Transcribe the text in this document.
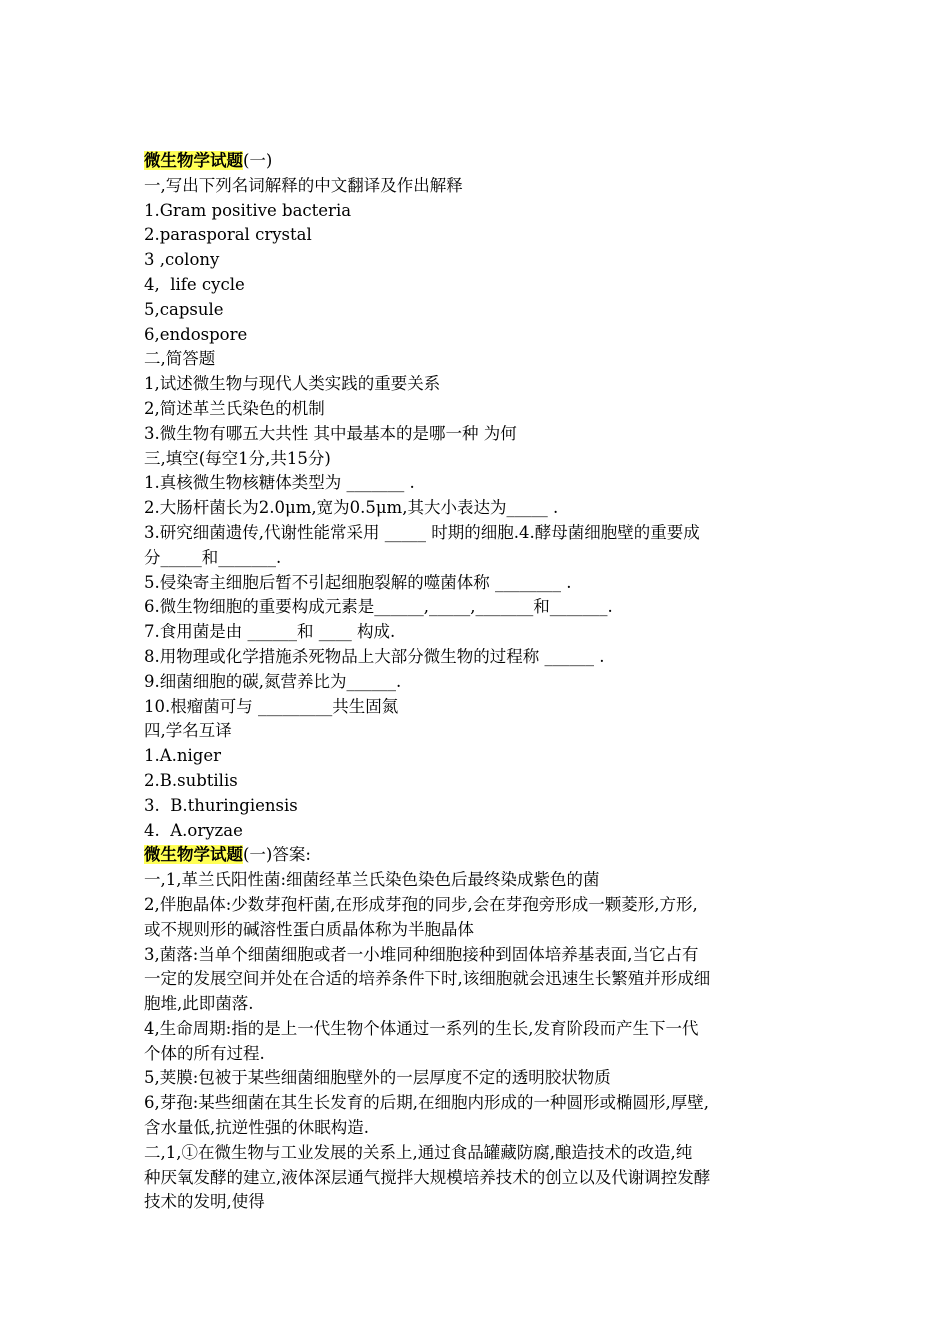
微生物学试题(一)
一,写出下列名词解释的中文翻译及作出解释
1.Gram positive bacteria
2.parasporal crystal
3 ,colony
4,  life cycle
5,capsule
6,endospore
二,简答题
1,试述微生物与现代人类实践的重要关系
2,简述革兰氏染色的机制
3.微生物有哪五大共性 其中最基本的是哪一种 为何
三,填空(每空1分,共15分)
1.真核微生物核糖体类型为 _______ .
2.大肠杆菌长为2.0μm,宽为0.5μm,其大小表达为_____ .
3.研究细菌遗传,代谢性能常采用 _____ 时期的细胞.4.酵母菌细胞壁的重要成
分_____和_______.
5.侵染寄主细胞后暂不引起细胞裂解的噬菌体称 ________ .
6.微生物细胞的重要构成元素是______,_____,_______和_______.
7.食用菌是由 ______和 ____ 构成.
8.用物理或化学措施杀死物品上大部分微生物的过程称 ______ .
9.细菌细胞的碳,氮营养比为______.
10.根瘤菌可与 _________共生固氮
四,学名互译
1.A.niger
2.B.subtilis
3.  B.thuringiensis
4.  A.oryzae
微生物学试题(一)答案:
一,1,革兰氏阳性菌:细菌经革兰氏染色染色后最终染成紫色的菌
2,伴胞晶体:少数芽孢杆菌,在形成芽孢的同步,会在芽孢旁形成一颗菱形,方形,
或不规则形的碱溶性蛋白质晶体称为半胞晶体
3,菌落:当单个细菌细胞或者一小堆同种细胞接种到固体培养基表面,当它占有
一定的发展空间并处在合适的培养条件下时,该细胞就会迅速生长繁殖并形成细
胞堆,此即菌落.
4,生命周期:指的是上一代生物个体通过一系列的生长,发育阶段而产生下一代
个体的所有过程.
5,荚膜:包被于某些细菌细胞壁外的一层厚度不定的透明胶状物质
6,芽孢:某些细菌在其生长发育的后期,在细胞内形成的一种圆形或椭圆形,厚壁,
含水量低,抗逆性强的休眠构造.
二,1,①在微生物与工业发展的关系上,通过食品罐藏防腐,酿造技术的改造,纯
种厌氧发酵的建立,液体深层通气搅拌大规模培养技术的创立以及代谢调控发酵
技术的发明,使得
